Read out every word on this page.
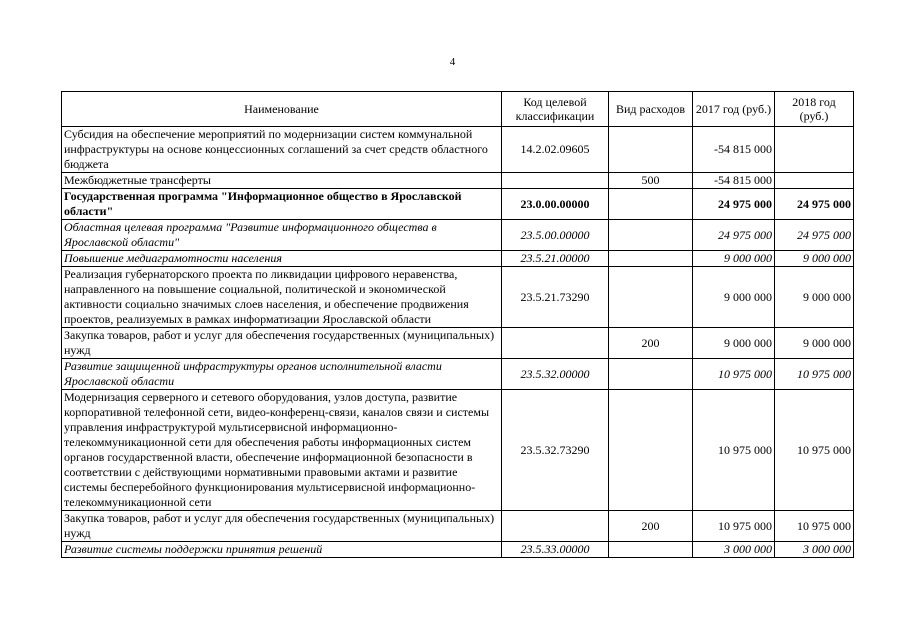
4
Наименование	Код целевой классификации	Вид расходов	2017 год (руб.)	2018 год (руб.)
Субсидия на обеспечение мероприятий по модернизации систем коммунальной инфраструктуры на основе концессионных соглашений за счет средств областного бюджета	14.2.02.09605		-54 815 000	
Межбюджетные трансферты		500	-54 815 000	
Государственная программа "Информационное общество в Ярославской области"	23.0.00.00000		24 975 000	24 975 000
Областная целевая программа "Развитие информационного общества в Ярославской области"	23.5.00.00000		24 975 000	24 975 000
Повышение медиаграмотности населения	23.5.21.00000		9 000 000	9 000 000
Реализация губернаторского проекта по ликвидации цифрового неравенства, направленного на повышение социальной, политической и экономической активности социально значимых слоев населения, и обеспечение продвижения проектов, реализуемых в рамках информатизации Ярославской области	23.5.21.73290		9 000 000	9 000 000
Закупка товаров, работ и услуг для обеспечения государственных (муниципальных) нужд		200	9 000 000	9 000 000
Развитие защищенной инфраструктуры органов исполнительной власти Ярославской области	23.5.32.00000		10 975 000	10 975 000
Модернизация серверного и сетевого оборудования, узлов доступа, развитие корпоративной телефонной сети, видео-конференц-связи, каналов связи и системы управления инфраструктурой мультисервисной информационно-телекоммуникационной сети для обеспечения работы информационных систем органов государственной власти, обеспечение информационной безопасности в соответствии с действующими нормативными правовыми актами и развитие системы бесперебойного функционирования мультисервисной информационно-телекоммуникационной сети	23.5.32.73290		10 975 000	10 975 000
Закупка товаров, работ и услуг для обеспечения государственных (муниципальных) нужд		200	10 975 000	10 975 000
Развитие системы поддержки принятия решений	23.5.33.00000		3 000 000	3 000 000
